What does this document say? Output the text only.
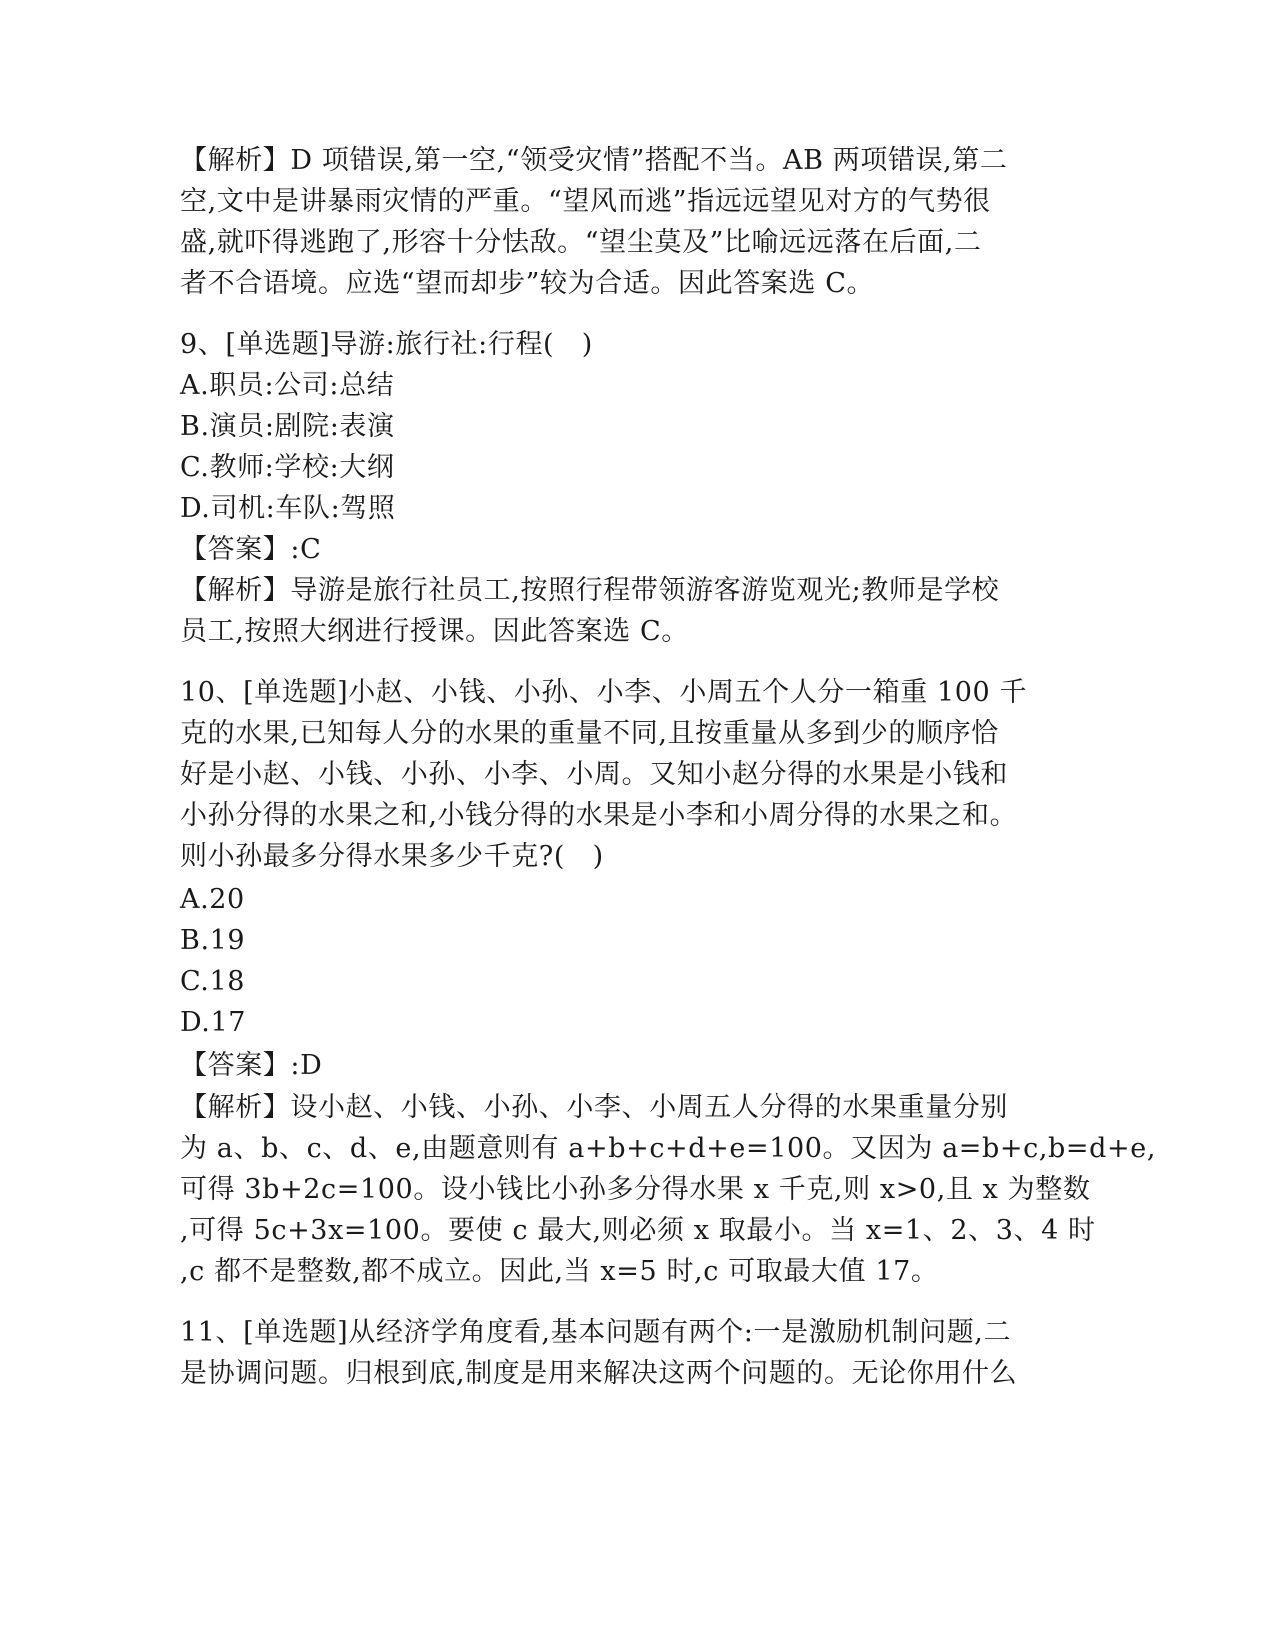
【解析】D 项错误,第一空,“领受灾情”搭配不当。AB 两项错误,第二
空,文中是讲暴雨灾情的严重。“望风而逃”指远远望见对方的气势很
盛,就吓得逃跑了,形容十分怯敌。“望尘莫及”比喻远远落在后面,二
者不合语境。应选“望而却步”较为合适。因此答案选 C。
9、[单选题]导游:旅行社:行程(　)
A.职员:公司:总结
B.演员:剧院:表演
C.教师:学校:大纲
D.司机:车队:驾照
【答案】:C
【解析】导游是旅行社员工,按照行程带领游客游览观光;教师是学校
员工,按照大纲进行授课。因此答案选 C。
10、[单选题]小赵、小钱、小孙、小李、小周五个人分一箱重 100 千
克的水果,已知每人分的水果的重量不同,且按重量从多到少的顺序恰
好是小赵、小钱、小孙、小李、小周。又知小赵分得的水果是小钱和
小孙分得的水果之和,小钱分得的水果是小李和小周分得的水果之和。
则小孙最多分得水果多少千克?(　)
A.20
B.19
C.18
D.17
【答案】:D
【解析】设小赵、小钱、小孙、小李、小周五人分得的水果重量分别
为 a、b、c、d、e,由题意则有 a+b+c+d+e=100。又因为 a=b+c,b=d+e,
可得 3b+2c=100。设小钱比小孙多分得水果 x 千克,则 x>0,且 x 为整数
,可得 5c+3x=100。要使 c 最大,则必须 x 取最小。当 x=1、2、3、4 时
,c 都不是整数,都不成立。因此,当 x=5 时,c 可取最大值 17。
11、[单选题]从经济学角度看,基本问题有两个:一是激励机制问题,二
是协调问题。归根到底,制度是用来解决这两个问题的。无论你用什么
